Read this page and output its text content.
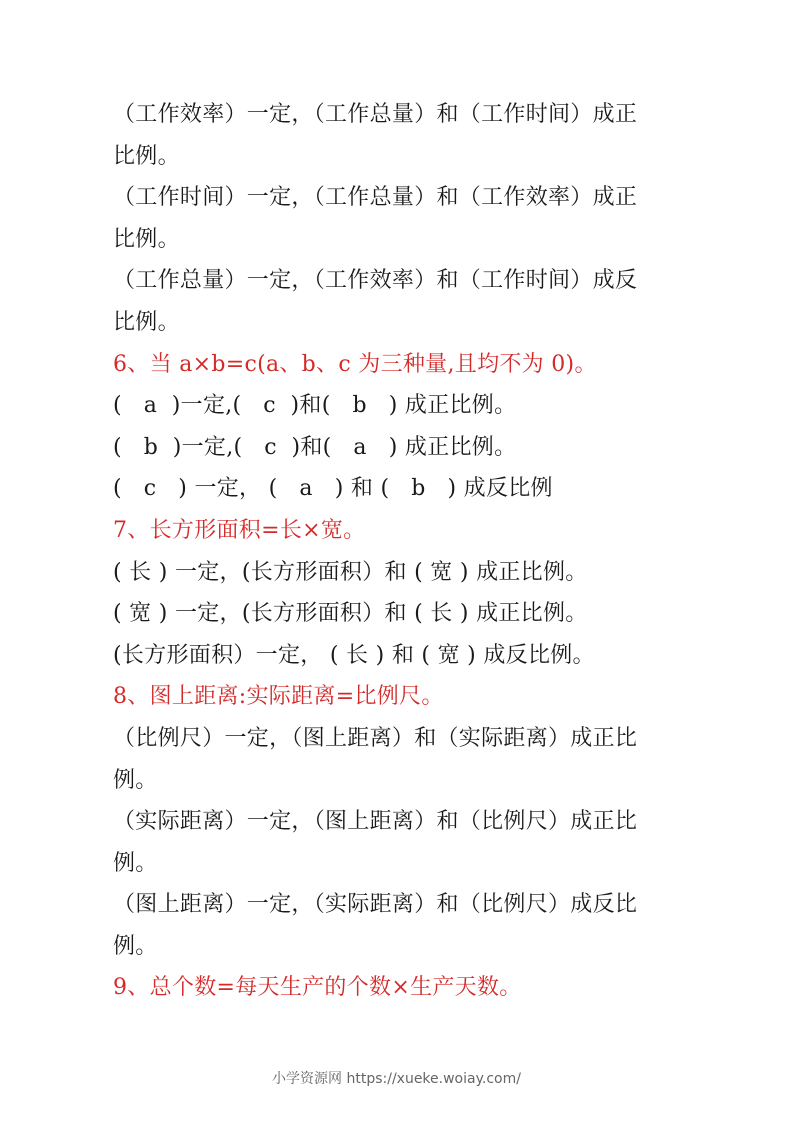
（工作效率）一定，（工作总量）和（工作时间）成正
比例。
（工作时间）一定，（工作总量）和（工作效率）成正
比例。
（工作总量）一定，（工作效率）和（工作时间）成反
比例。
6、当 a×b=c(a、b、c 为三种量,且均不为 0)。
(   a  )一定,(   c  )和(   b   ) 成正比例。
(   b  )一定,(   c  )和(   a   ) 成正比例。
(   c   ) 一定， (   a   ) 和 (   b   ) 成反比例
7、长方形面积=长×宽。
( 长 ) 一定，(长方形面积）和 ( 宽 ) 成正比例。
( 宽 ) 一定，(长方形面积）和 ( 长 ) 成正比例。
(长方形面积）一定， ( 长 ) 和 ( 宽 ) 成反比例。
8、图上距离:实际距离=比例尺。
（比例尺）一定，（图上距离）和（实际距离）成正比
例。
（实际距离）一定，（图上距离）和（比例尺）成正比
例。
（图上距离）一定，（实际距离）和（比例尺）成反比
例。
9、总个数=每天生产的个数×生产天数。
小学资源网 https://xueke.woiay.com/
